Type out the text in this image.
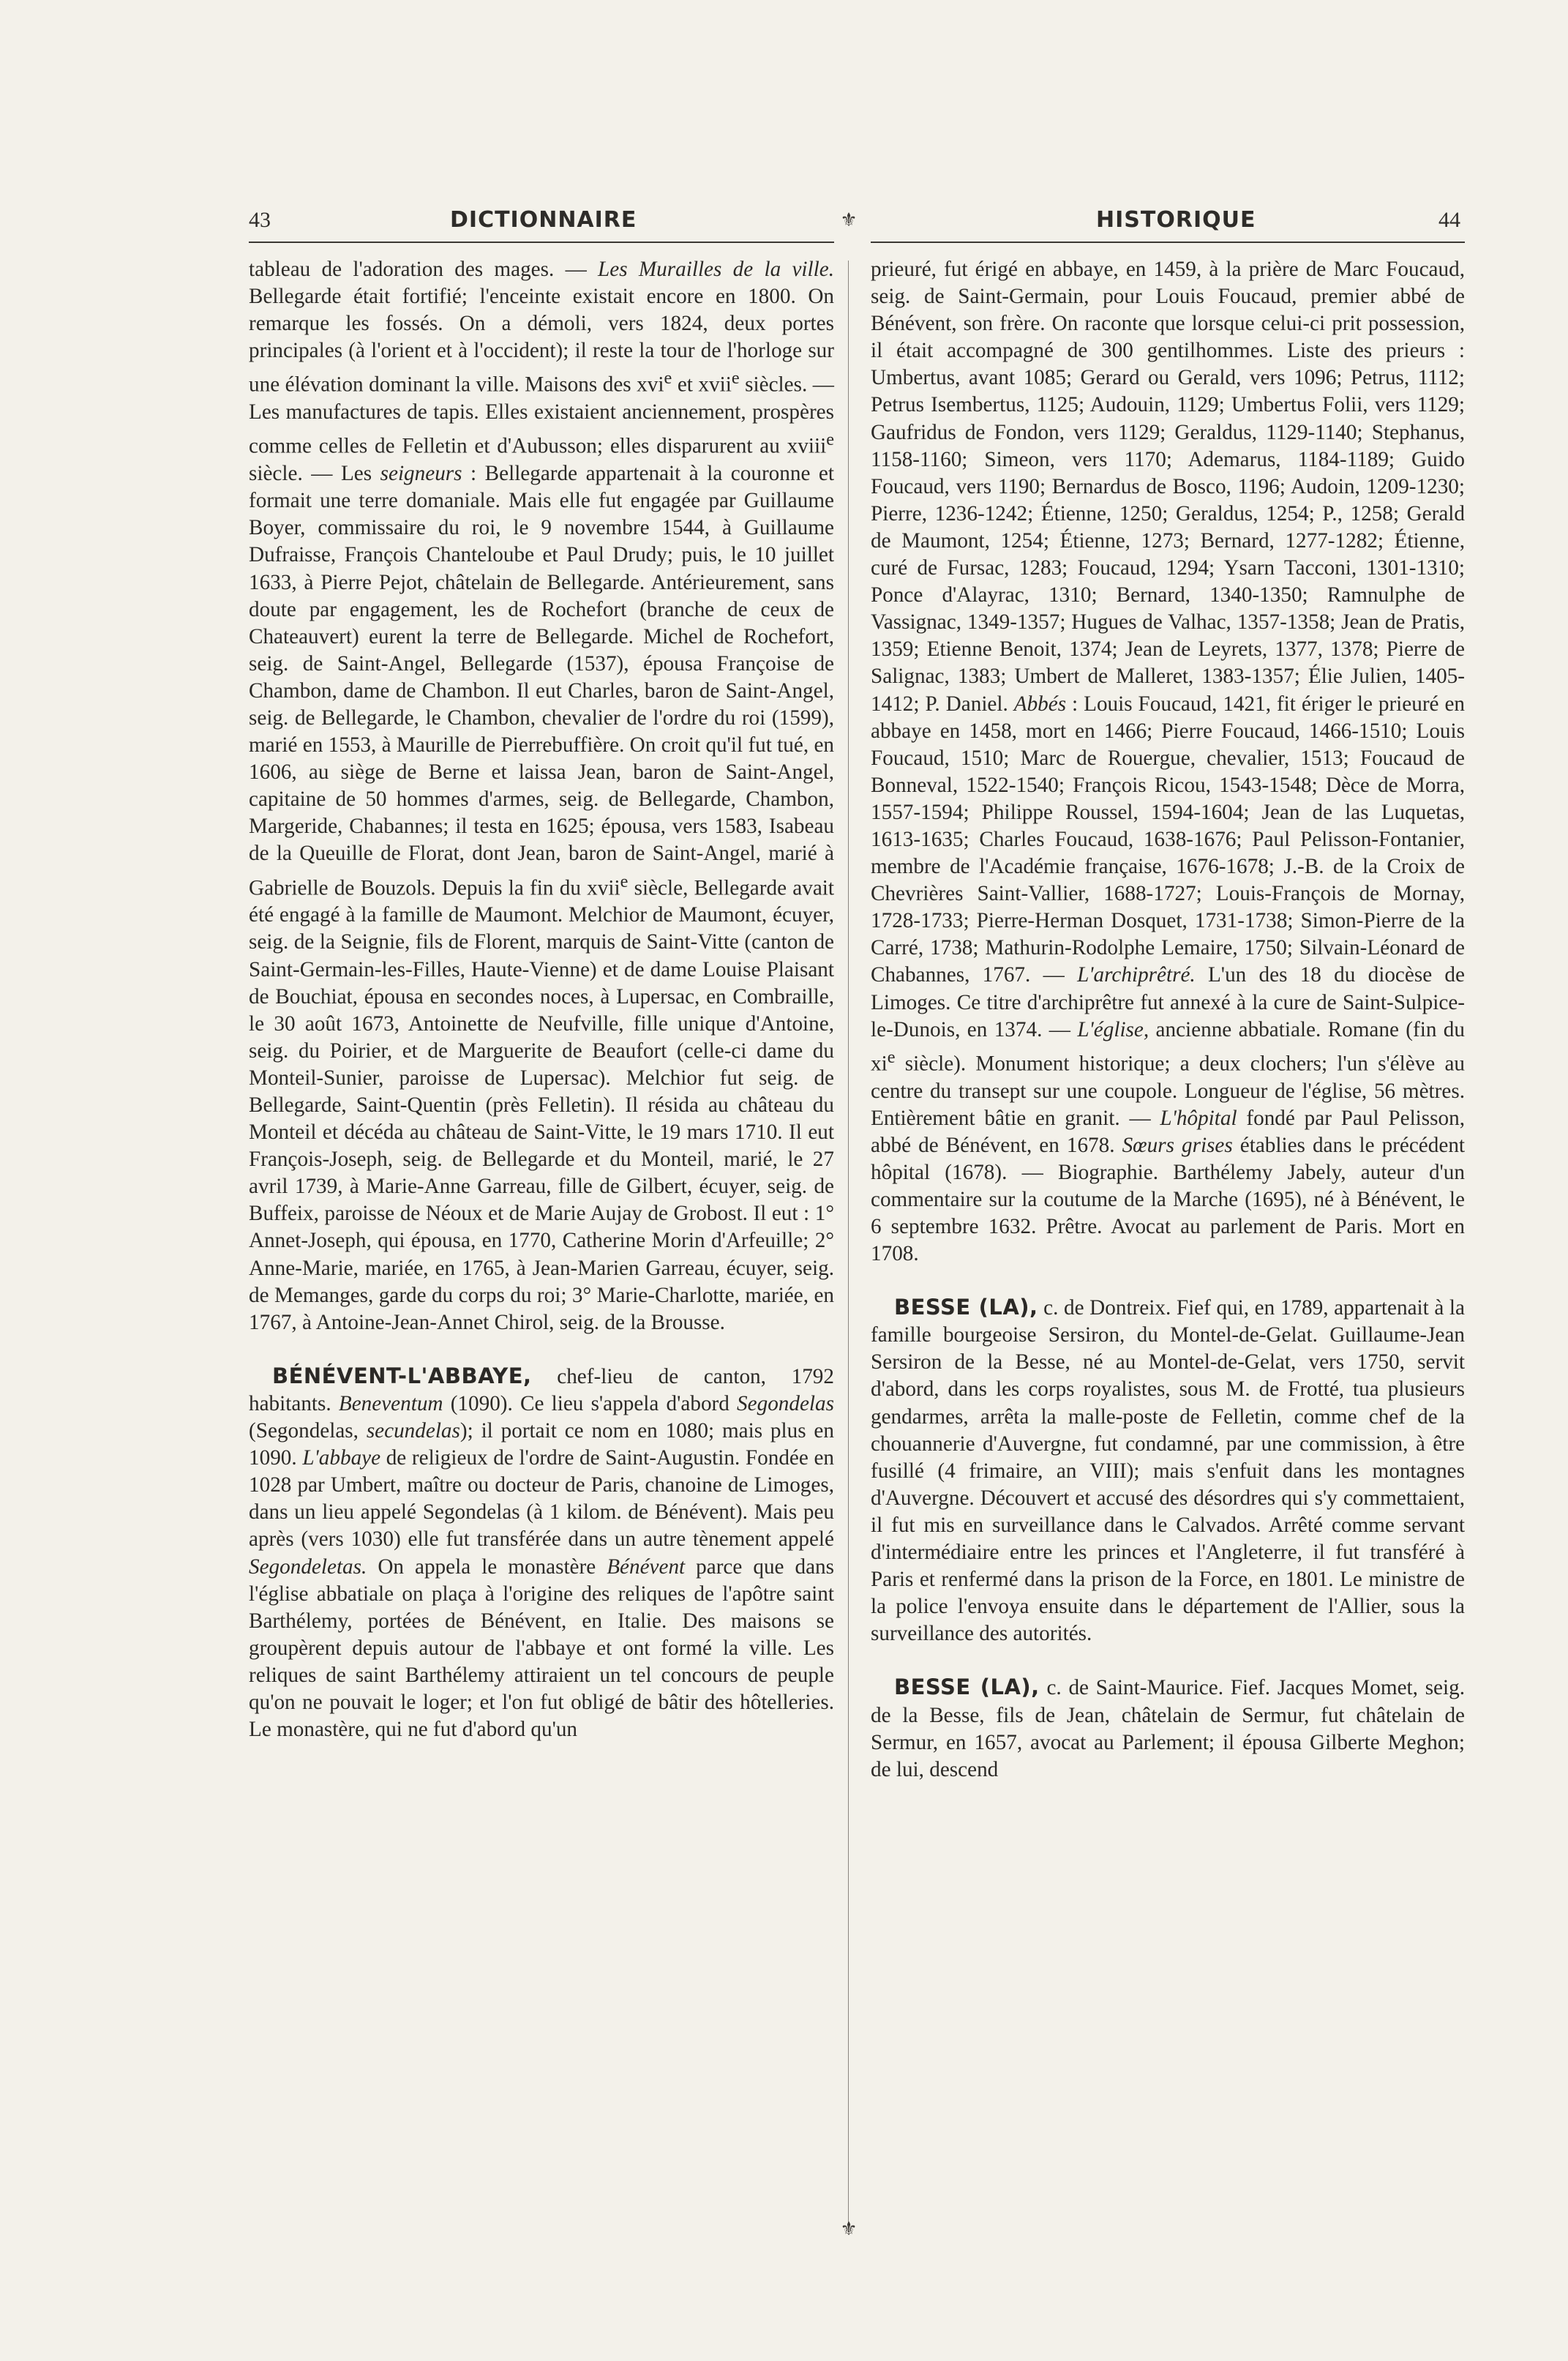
43	DICTIONNAIRE	⚜	HISTORIQUE	44
⚜

tableau de l'adoration des mages. — Les Murailles de la ville. Bellegarde était fortifié; l'enceinte existait encore en 1800. On remarque les fossés. On a démoli, vers 1824, deux portes principales (à l'orient et à l'occident); il reste la tour de l'horloge sur une élévation dominant la ville. Maisons des xvi$^e$ et xvii$^e$ siècles. — Les manufactures de tapis. Elles existaient anciennement, prospères comme celles de Felletin et d'Aubusson; elles disparurent au xviii$^e$ siècle. — Les seigneurs : Bellegarde appartenait à la couronne et formait une terre domaniale. Mais elle fut engagée par Guillaume Boyer, commissaire du roi, le 9 novembre 1544, à Guillaume Dufraisse, François Chanteloube et Paul Drudy; puis, le 10 juillet 1633, à Pierre Pejot, châtelain de Bellegarde. Antérieurement, sans doute par engagement, les de Rochefort (branche de ceux de Chateauvert) eurent la terre de Bellegarde. Michel de Rochefort, seig. de Saint-Angel, Bellegarde (1537), épousa Françoise de Chambon, dame de Chambon. Il eut Charles, baron de Saint-Angel, seig. de Bellegarde, le Chambon, chevalier de l'ordre du roi (1599), marié en 1553, à Maurille de Pierrebuffière. On croit qu'il fut tué, en 1606, au siège de Berne et laissa Jean, baron de Saint-Angel, capitaine de 50 hommes d'armes, seig. de Bellegarde, Chambon, Margeride, Chabannes; il testa en 1625; épousa, vers 1583, Isabeau de la Queuille de Florat, dont Jean, baron de Saint-Angel, marié à Gabrielle de Bouzols. Depuis la fin du xvii$^e$ siècle, Bellegarde avait été engagé à la famille de Maumont. Melchior de Maumont, écuyer, seig. de la Seignie, fils de Florent, marquis de Saint-Vitte (canton de Saint-Germain-les-Filles, Haute-Vienne) et de dame Louise Plaisant de Bouchiat, épousa en secondes noces, à Lupersac, en Combraille, le 30 août 1673, Antoinette de Neufville, fille unique d'Antoine, seig. du Poirier, et de Marguerite de Beaufort (celle-ci dame du Monteil-Sunier, paroisse de Lupersac). Melchior fut seig. de Bellegarde, Saint-Quentin (près Felletin). Il résida au château du Monteil et décéda au château de Saint-Vitte, le 19 mars 1710. Il eut François-Joseph, seig. de Bellegarde et du Monteil, marié, le 27 avril 1739, à Marie-Anne Garreau, fille de Gilbert, écuyer, seig. de Buffeix, paroisse de Néoux et de Marie Aujay de Grobost. Il eut : 1° Annet-Joseph, qui épousa, en 1770, Catherine Morin d'Arfeuille; 2° Anne-Marie, mariée, en 1765, à Jean-Marien Garreau, écuyer, seig. de Memanges, garde du corps du roi; 3° Marie-Charlotte, mariée, en 1767, à Antoine-Jean-Annet Chirol, seig. de la Brousse.

BÉNÉVENT-L'ABBAYE, chef-lieu de canton, 1792 habitants. Beneventum (1090). Ce lieu s'appela d'abord Segondelas (Segondelas, secundelas); il portait ce nom en 1080; mais plus en 1090. L'abbaye de religieux de l'ordre de Saint-Augustin. Fondée en 1028 par Umbert, maître ou docteur de Paris, chanoine de Limoges, dans un lieu appelé Segondelas (à 1 kilom. de Bénévent). Mais peu après (vers 1030) elle fut transférée dans un autre tènement appelé Segondeletas. On appela le monastère Bénévent parce que dans l'église abbatiale on plaça à l'origine des reliques de l'apôtre saint Barthélemy, portées de Bénévent, en Italie. Des maisons se groupèrent depuis autour de l'abbaye et ont formé la ville. Les reliques de saint Barthélemy attiraient un tel concours de peuple qu'on ne pouvait le loger; et l'on fut obligé de bâtir des hôtelleries. Le monastère, qui ne fut d'abord qu'un

prieuré, fut érigé en abbaye, en 1459, à la prière de Marc Foucaud, seig. de Saint-Germain, pour Louis Foucaud, premier abbé de Bénévent, son frère. On raconte que lorsque celui-ci prit possession, il était accompagné de 300 gentilhommes. Liste des prieurs : Umbertus, avant 1085; Gerard ou Gerald, vers 1096; Petrus, 1112; Petrus Isembertus, 1125; Audouin, 1129; Umbertus Folii, vers 1129; Gaufridus de Fondon, vers 1129; Geraldus, 1129-1140; Stephanus, 1158-1160; Simeon, vers 1170; Ademarus, 1184-1189; Guido Foucaud, vers 1190; Bernardus de Bosco, 1196; Audoin, 1209-1230; Pierre, 1236-1242; Étienne, 1250; Geraldus, 1254; P., 1258; Gerald de Maumont, 1254; Étienne, 1273; Bernard, 1277-1282; Étienne, curé de Fursac, 1283; Foucaud, 1294; Ysarn Tacconi, 1301-1310; Ponce d'Alayrac, 1310; Bernard, 1340-1350; Ramnulphe de Vassignac, 1349-1357; Hugues de Valhac, 1357-1358; Jean de Pratis, 1359; Etienne Benoit, 1374; Jean de Leyrets, 1377, 1378; Pierre de Salignac, 1383; Umbert de Malleret, 1383-1357; Élie Julien, 1405-1412; P. Daniel. Abbés : Louis Foucaud, 1421, fit ériger le prieuré en abbaye en 1458, mort en 1466; Pierre Foucaud, 1466-1510; Louis Foucaud, 1510; Marc de Rouergue, chevalier, 1513; Foucaud de Bonneval, 1522-1540; François Ricou, 1543-1548; Dèce de Morra, 1557-1594; Philippe Roussel, 1594-1604; Jean de las Luquetas, 1613-1635; Charles Foucaud, 1638-1676; Paul Pelisson-Fontanier, membre de l'Académie française, 1676-1678; J.-B. de la Croix de Chevrières Saint-Vallier, 1688-1727; Louis-François de Mornay, 1728-1733; Pierre-Herman Dosquet, 1731-1738; Simon-Pierre de la Carré, 1738; Mathurin-Rodolphe Lemaire, 1750; Silvain-Léonard de Chabannes, 1767. — L'archiprêtré. L'un des 18 du diocèse de Limoges. Ce titre d'archiprêtre fut annexé à la cure de Saint-Sulpice-le-Dunois, en 1374. — L'église, ancienne abbatiale. Romane (fin du $xi^e$ siècle). Monument historique; a deux clochers; l'un s'élève au centre du transept sur une coupole. Longueur de l'église, 56 mètres. Entièrement bâtie en granit. — L'hôpital fondé par Paul Pelisson, abbé de Bénévent, en 1678. Sœurs grises établies dans le précédent hôpital (1678). — Biographie. Barthélemy Jabely, auteur d'un commentaire sur la coutume de la Marche (1695), né à Bénévent, le 6 septembre 1632. Prêtre. Avocat au parlement de Paris. Mort en 1708.

BESSE (LA), c. de Dontreix. Fief qui, en 1789, appartenait à la famille bourgeoise Sersiron, du Montel-de-Gelat. Guillaume-Jean Sersiron de la Besse, né au Montel-de-Gelat, vers 1750, servit d'abord, dans les corps royalistes, sous M. de Frotté, tua plusieurs gendarmes, arrêta la malle-poste de Felletin, comme chef de la chouannerie d'Auvergne, fut condamné, par une commission, à être fusillé (4 frimaire, an VIII); mais s'enfuit dans les montagnes d'Auvergne. Découvert et accusé des désordres qui s'y commettaient, il fut mis en surveillance dans le Calvados. Arrêté comme servant d'intermédiaire entre les princes et l'Angleterre, il fut transféré à Paris et renfermé dans la prison de la Force, en 1801. Le ministre de la police l'envoya ensuite dans le département de l'Allier, sous la surveillance des autorités.

BESSE (LA), c. de Saint-Maurice. Fief. Jacques Momet, seig. de la Besse, fils de Jean, châtelain de Sermur, fut châtelain de Sermur, en 1657, avocat au Parlement; il épousa Gilberte Meghon; de lui, descend
